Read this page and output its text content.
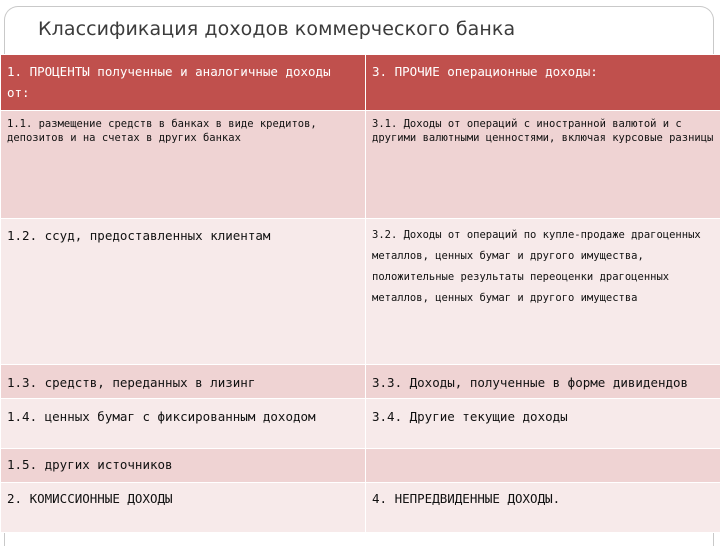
Классификация доходов коммерческого банка
1. ПРОЦЕНТЫ полученные и аналогичные доходы от:	3. ПРОЧИЕ операционные доходы:
1.1. размещение средств в банках в виде кредитов, депозитов и на счетах в других банках	3.1. Доходы от операций с иностранной валютой и с другими валютными ценностями, включая курсовые разницы
1.2. ссуд, предоставленных клиентам	3.2. Доходы от операций по купле-продаже драгоценных металлов, ценных бумаг и другого имущества, положительные результаты переоценки драгоценных металлов, ценных бумаг и другого имущества
1.3. средств, переданных в лизинг	3.3. Доходы, полученные в форме дивидендов
1.4. ценных бумаг с фиксированным доходом	3.4. Другие текущие доходы
1.5. других источников	
2. КОМИССИОННЫЕ ДОХОДЫ	4. НЕПРЕДВИДЕННЫЕ ДОХОДЫ.
